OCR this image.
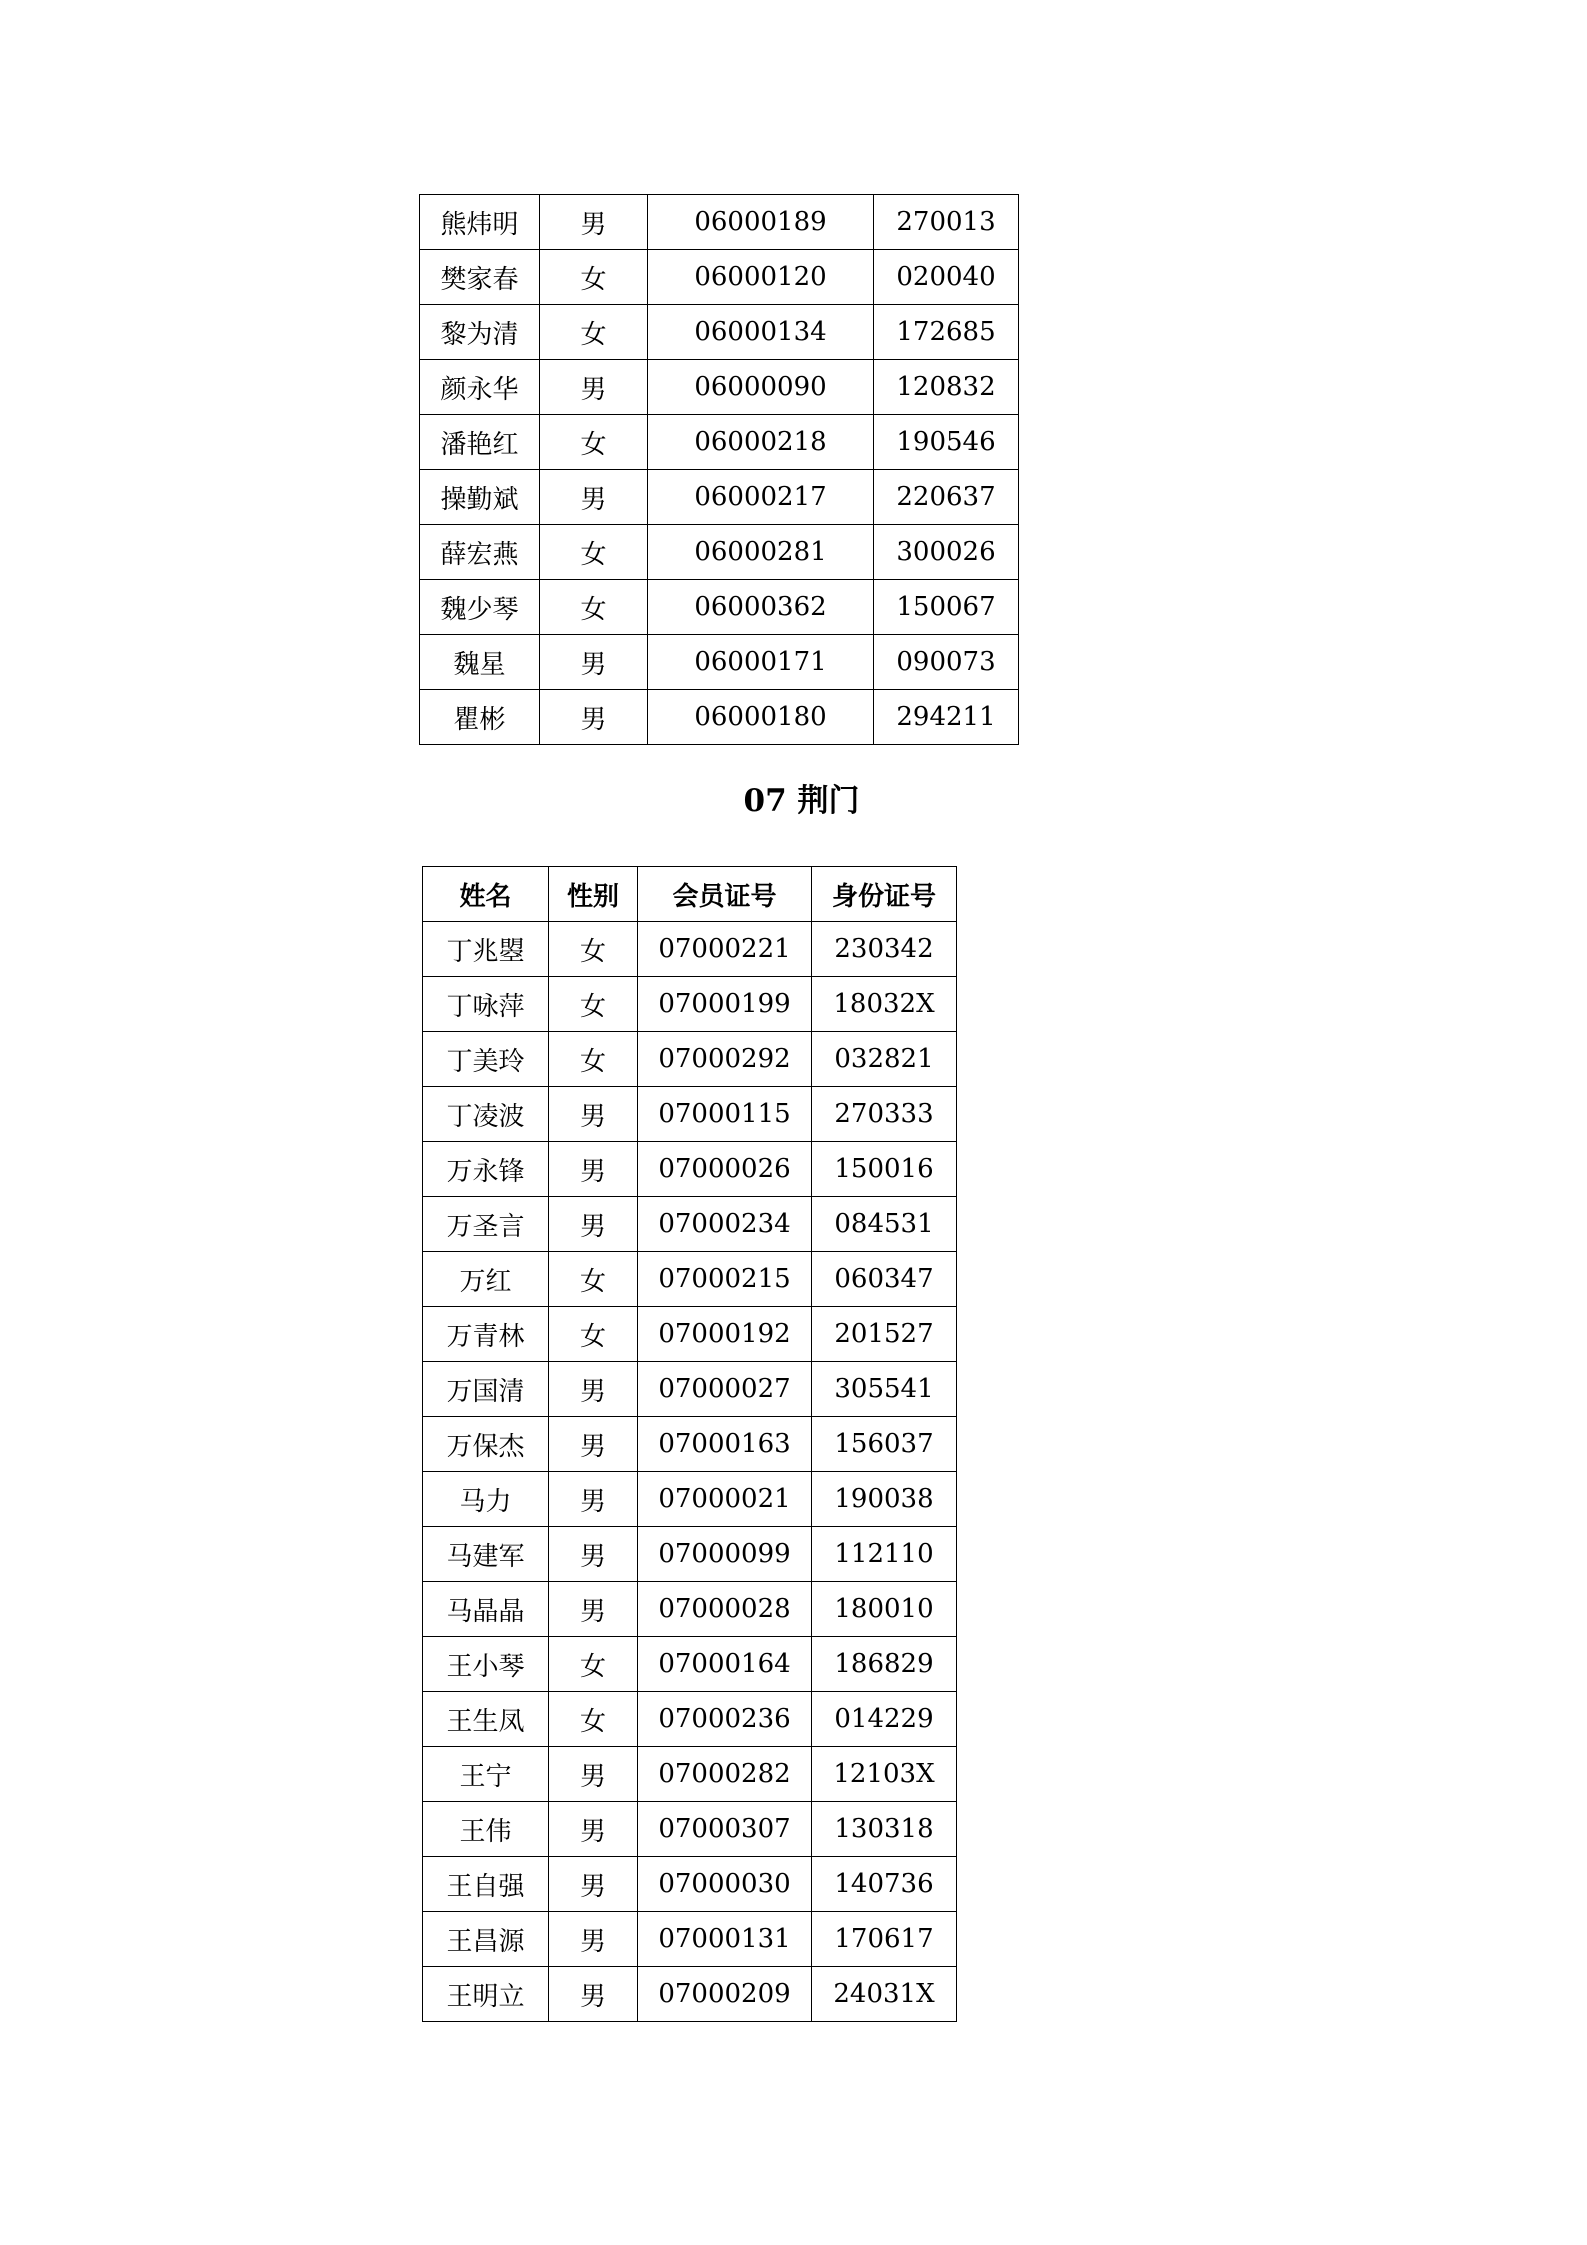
熊炜明	男	06000189	270013
樊家春	女	06000120	020040
黎为清	女	06000134	172685
颜永华	男	06000090	120832
潘艳红	女	06000218	190546
操勤斌	男	06000217	220637
薛宏燕	女	06000281	300026
魏少琴	女	06000362	150067
魏星	男	06000171	090073
瞿彬	男	06000180	294211
07 荆门
姓名	性别	会员证号	身份证号
丁兆曌	女	07000221	230342
丁咏萍	女	07000199	18032X
丁美玲	女	07000292	032821
丁凌波	男	07000115	270333
万永锋	男	07000026	150016
万圣言	男	07000234	084531
万红	女	07000215	060347
万青林	女	07000192	201527
万国清	男	07000027	305541
万保杰	男	07000163	156037
马力	男	07000021	190038
马建军	男	07000099	112110
马晶晶	男	07000028	180010
王小琴	女	07000164	186829
王生凤	女	07000236	014229
王宁	男	07000282	12103X
王伟	男	07000307	130318
王自强	男	07000030	140736
王昌源	男	07000131	170617
王明立	男	07000209	24031X
